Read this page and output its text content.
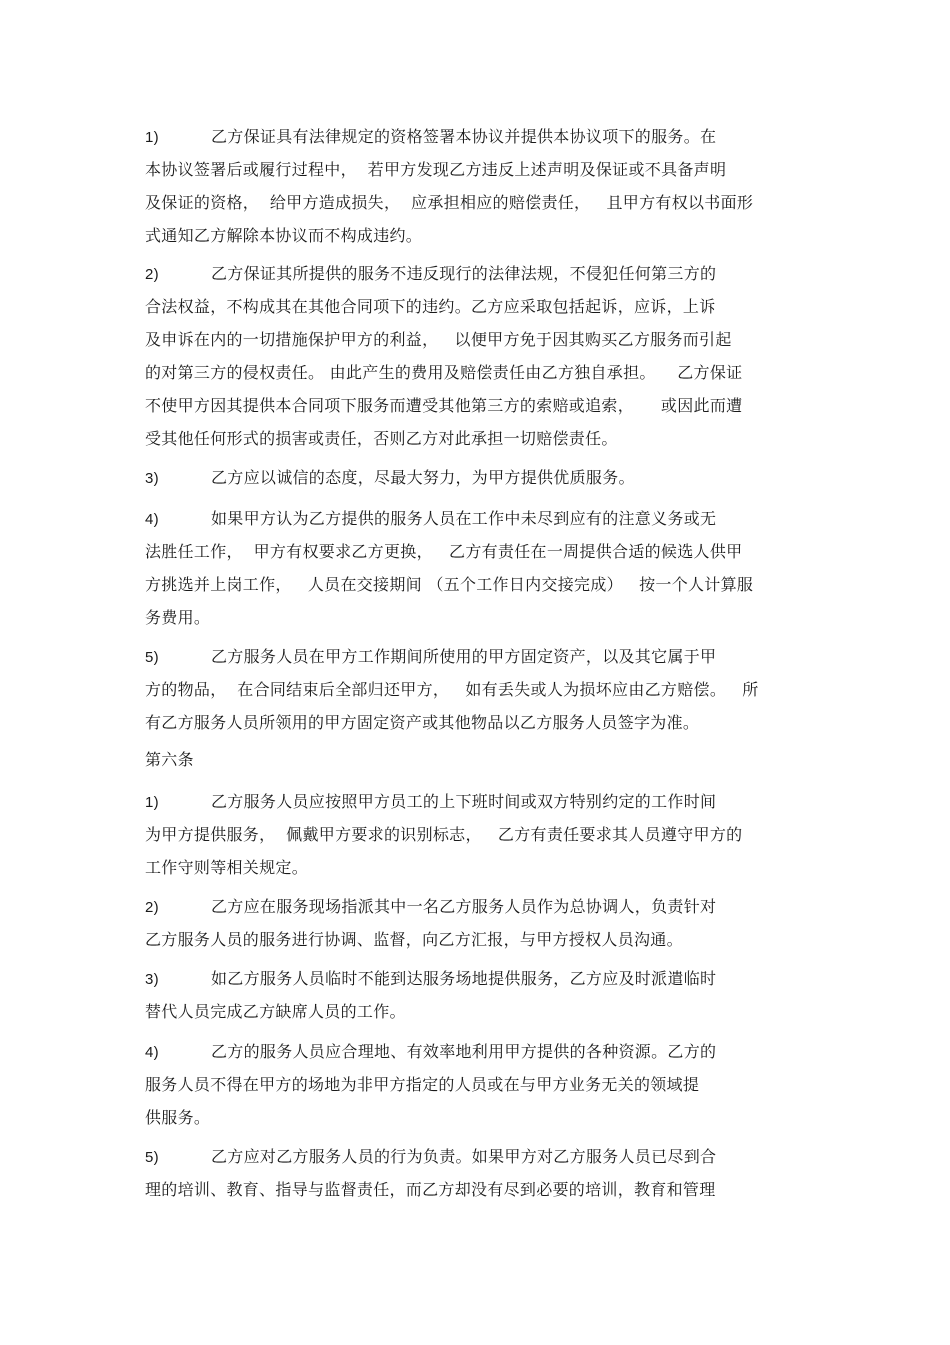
1)	乙方保证具有法律规定的资格签署本协议并提供本协议项下的服务。在
本协议签署后或履行过程中，  若甲方发现乙方违反上述声明及保证或不具备声明
及保证的资格，  给甲方造成损失，  应承担相应的赔偿责任，   且甲方有权以书面形
式通知乙方解除本协议而不构成违约。
2)	乙方保证其所提供的服务不违反现行的法律法规，不侵犯任何第三方的
合法权益，不构成其在其他合同项下的违约。乙方应采取包括起诉，应诉，上诉
及申诉在内的一切措施保护甲方的利益，   以便甲方免于因其购买乙方服务而引起
的对第三方的侵权责任。 由此产生的费用及赔偿责任由乙方独自承担。    乙方保证
不使甲方因其提供本合同项下服务而遭受其他第三方的索赔或追索，     或因此而遭
受其他任何形式的损害或责任，否则乙方对此承担一切赔偿责任。
3)	乙方应以诚信的态度，尽最大努力，为甲方提供优质服务。
4)	如果甲方认为乙方提供的服务人员在工作中未尽到应有的注意义务或无
法胜任工作，  甲方有权要求乙方更换，   乙方有责任在一周提供合适的候选人供甲
方挑选并上岗工作，   人员在交接期间 （五个工作日内交接完成）   按一个人计算服
务费用。
5)	乙方服务人员在甲方工作期间所使用的甲方固定资产，以及其它属于甲
方的物品，  在合同结束后全部归还甲方，   如有丢失或人为损坏应由乙方赔偿。   所
有乙方服务人员所领用的甲方固定资产或其他物品以乙方服务人员签字为准。
第六条
1)	乙方服务人员应按照甲方员工的上下班时间或双方特别约定的工作时间
为甲方提供服务，  佩戴甲方要求的识别标志，   乙方有责任要求其人员遵守甲方的
工作守则等相关规定。
2)	乙方应在服务现场指派其中一名乙方服务人员作为总协调人，负责针对
乙方服务人员的服务进行协调、监督，向乙方汇报，与甲方授权人员沟通。
3)	如乙方服务人员临时不能到达服务场地提供服务，乙方应及时派遣临时
替代人员完成乙方缺席人员的工作。
4)	乙方的服务人员应合理地、有效率地利用甲方提供的各种资源。乙方的
服务人员不得在甲方的场地为非甲方指定的人员或在与甲方业务无关的领域提
供服务。
5)	乙方应对乙方服务人员的行为负责。如果甲方对乙方服务人员已尽到合
理的培训、教育、指导与监督责任，而乙方却没有尽到必要的培训，教育和管理
